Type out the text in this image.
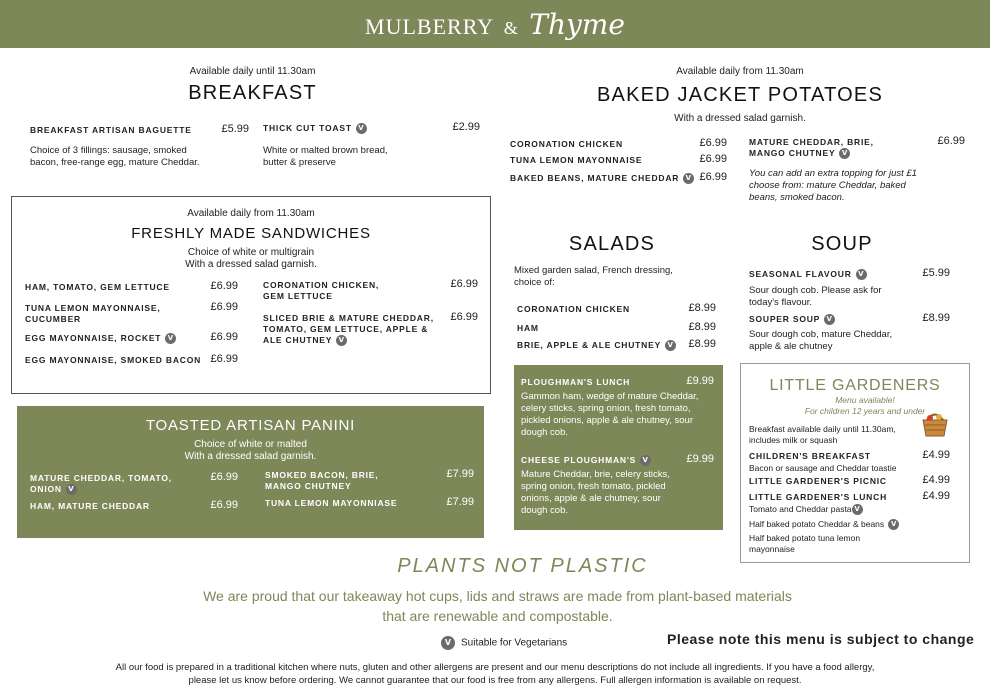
MULBERRY & Thyme
Available daily until 11.30am
BREAKFAST
BREAKFAST ARTISAN BAGUETTE	£5.99
Choice of 3 fillings: sausage, smoked bacon, free-range egg, mature Cheddar.
THICK CUT TOAST V	£2.99
White or malted brown bread, butter & preserve
Available daily from 11.30am
FRESHLY MADE SANDWICHES
Choice of white or multigrain
With a dressed salad garnish.
HAM, TOMATO, GEM LETTUCE	£6.99
TUNA LEMON MAYONNAISE, CUCUMBER
£6.99
EGG MAYONNAISE, ROCKET V	£6.99
EGG MAYONNAISE, SMOKED BACON £6.99
CORONATION CHICKEN, GEM LETTUCE
£6.99
SLICED BRIE & MATURE CHEDDAR, TOMATO, GEM LETTUCE, APPLE & ALE CHUTNEY V
£6.99
TOASTED ARTISAN PANINI
Choice of white or malted
With a dressed salad garnish.
MATURE CHEDDAR, TOMATO, ONION V
£6.99
HAM, MATURE CHEDDAR	£6.99
SMOKED BACON, BRIE, MANGO CHUTNEY
£7.99
TUNA LEMON MAYONNIASE	£7.99
Available daily from 11.30am
BAKED JACKET POTATOES
With a dressed salad garnish.
CORONATION CHICKEN	£6.99
TUNA LEMON MAYONNAISE	£6.99
BAKED BEANS, MATURE CHEDDAR V £6.99
MATURE CHEDDAR, BRIE, MANGO CHUTNEY V
£6.99
You can add an extra topping for just £1 choose from: mature Cheddar, baked beans, smoked bacon.
SALADS
Mixed garden salad, French dressing, choice of:
CORONATION CHICKEN	£8.99
HAM	£8.99
BRIE, APPLE & ALE CHUTNEY V	£8.99
PLOUGHMAN'S LUNCH	£9.99
Gammon ham, wedge of mature Cheddar, celery sticks, spring onion, fresh tomato, pickled onions, apple & ale chutney, sour dough cob.
CHEESE PLOUGHMAN'S V	£9.99
Mature Cheddar, brie, celery sticks, spring onion, fresh tomato, pickled onions, apple & ale chutney, sour dough cob.
SOUP
SEASONAL FLAVOUR V	£5.99
Sour dough cob. Please ask for today's flavour.
SOUPER SOUP V	£8.99
Sour dough cob, mature Cheddar, apple & ale chutney
LITTLE GARDENERS
Menu available!
For children 12 years and under
Breakfast available daily until 11.30am, includes milk or squash
CHILDREN'S BREAKFAST	£4.99
Bacon or sausage and Cheddar toastie
LITTLE GARDENER'S PICNIC	£4.99
LITTLE GARDENER'S LUNCH	£4.99
Tomato and Cheddar pasta V
Half baked potato Cheddar & beans V
Half baked potato tuna lemon mayonnaise
PLANTS NOT PLASTIC
We are proud that our takeaway hot cups, lids and straws are made from plant-based materials
that are renewable and compostable.
V Suitable for Vegetarians	Please note this menu is subject to change
All our food is prepared in a traditional kitchen where nuts, gluten and other allergens are present and our menu descriptions do not include all ingredients. If you have a food allergy,
please let us know before ordering. We cannot guarantee that our food is free from any allergens. Full allergen information is available on request.
